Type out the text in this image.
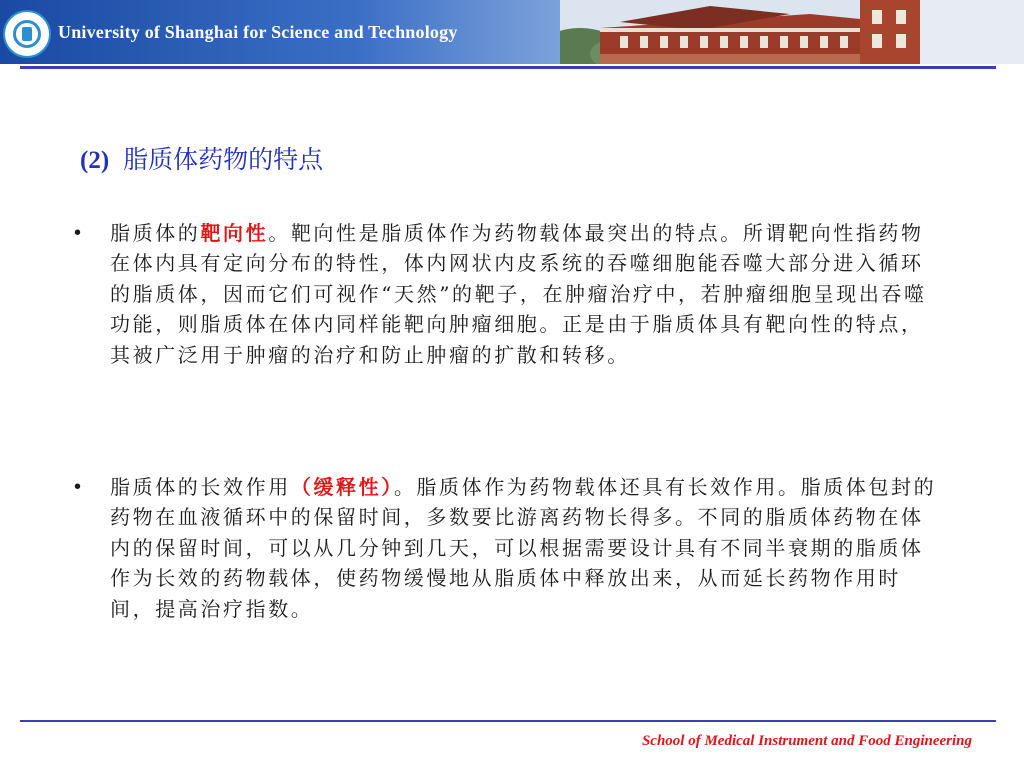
University of Shanghai for Science and Technology
(2) 脂质体药物的特点
• 脂质体的靶向性。靶向性是脂质体作为药物载体最突出的特点。所谓靶向性指药物在体内具有定向分布的特性，体内网状内皮系统的吞噬细胞能吞噬大部分进入循环的脂质体，因而它们可视作“天然”的靶子，在肿瘤治疗中，若肿瘤细胞呈现出吞噬功能，则脂质体在体内同样能靶向肿瘤细胞。正是由于脂质体具有靶向性的特点，其被广泛用于肿瘤的治疗和防止肿瘤的扩散和转移。
• 脂质体的长效作用（缓释性）。脂质体作为药物载体还具有长效作用。脂质体包封的药物在血液循环中的保留时间，多数要比游离药物长得多。不同的脂质体药物在体内的保留时间，可以从几分钟到几天，可以根据需要设计具有不同半衰期的脂质体作为长效的药物载体，使药物缓慢地从脂质体中释放出来，从而延长药物作用时间，提高治疗指数。
School of Medical Instrument and Food Engineering
